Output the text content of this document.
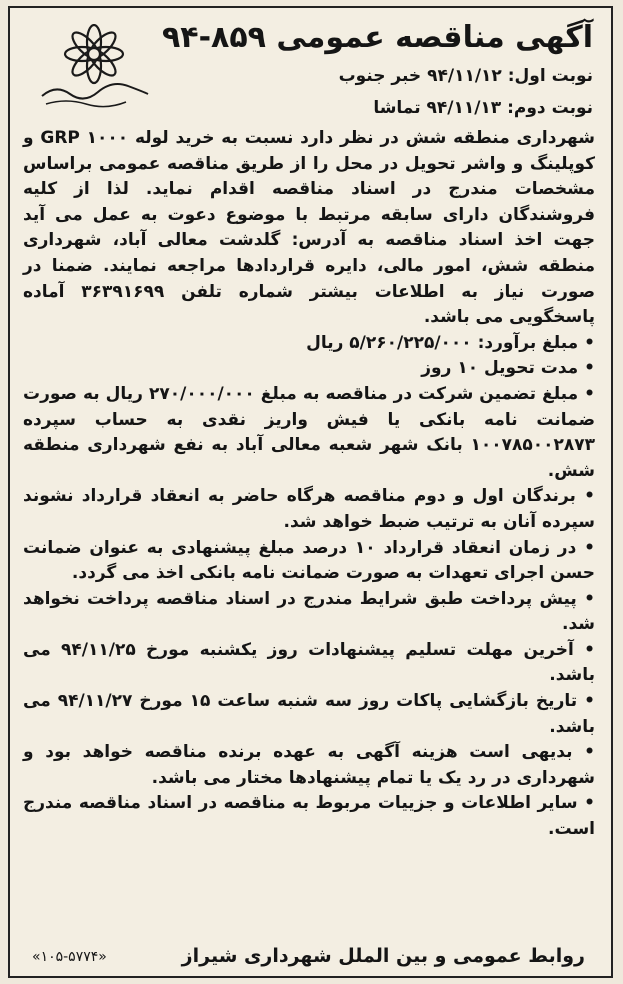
آگهی مناقصه عمومی ۸۵۹-۹۴
نوبت اول: ۹۴/۱۱/۱۲ خبر جنوب
نوبت دوم: ۹۴/۱۱/۱۳ تماشا

شهرداری منطقه شش در نظر دارد نسبت به خرید لوله GRP ۱۰۰۰ و کوپلینگ و واشر تحویل در محل را از طریق مناقصه عمومی براساس مشخصات مندرج در اسناد مناقصه اقدام نماید. لذا از کلیه فروشندگان دارای سابقه مرتبط با موضوع دعوت به عمل می آید جهت اخذ اسناد مناقصه به آدرس: گلدشت معالی آباد، شهرداری منطقه شش، امور مالی، دایره قراردادها مراجعه نمایند. ضمنا در صورت نیاز به اطلاعات بیشتر شماره تلفن ۳۶۳۹۱۶۹۹ آماده پاسخگویی می باشد.

• مبلغ برآورد: ۵/۲۶۰/۲۲۵/۰۰۰ ریال

• مدت تحویل ۱۰ روز

• مبلغ تضمین شرکت در مناقصه به مبلغ ۲۷۰/۰۰۰/۰۰۰ ریال به صورت ضمانت نامه بانکی یا فیش واریز نقدی به حساب سپرده ۱۰۰۷۸۵۰۰۲۸۷۳ بانک شهر شعبه معالی آباد به نفع شهرداری منطقه شش.

• برندگان اول و دوم مناقصه هرگاه حاضر به انعقاد قرارداد نشوند سپرده آنان به ترتیب ضبط خواهد شد.

• در زمان انعقاد قرارداد ۱۰ درصد مبلغ پیشنهادی به عنوان ضمانت حسن اجرای تعهدات به صورت ضمانت نامه بانکی اخذ می گردد.

• پیش پرداخت طبق شرایط مندرج در اسناد مناقصه پرداخت نخواهد شد.

• آخرین مهلت تسلیم پیشنهادات روز یکشنبه مورخ ۹۴/۱۱/۲۵ می باشد.

• تاریخ بازگشایی پاکات روز سه شنبه ساعت ۱۵ مورخ ۹۴/۱۱/۲۷ می باشد.

• بدیهی است هزینه آگهی به عهده برنده مناقصه خواهد بود و شهرداری در رد یک یا تمام پیشنهادها مختار می باشد.

• سایر اطلاعات و جزییات مربوط به مناقصه در اسناد مناقصه مندرج است.

روابط عمومی و بین الملل شهرداری شیراز
«۱۰۵-۵۷۷۴»
